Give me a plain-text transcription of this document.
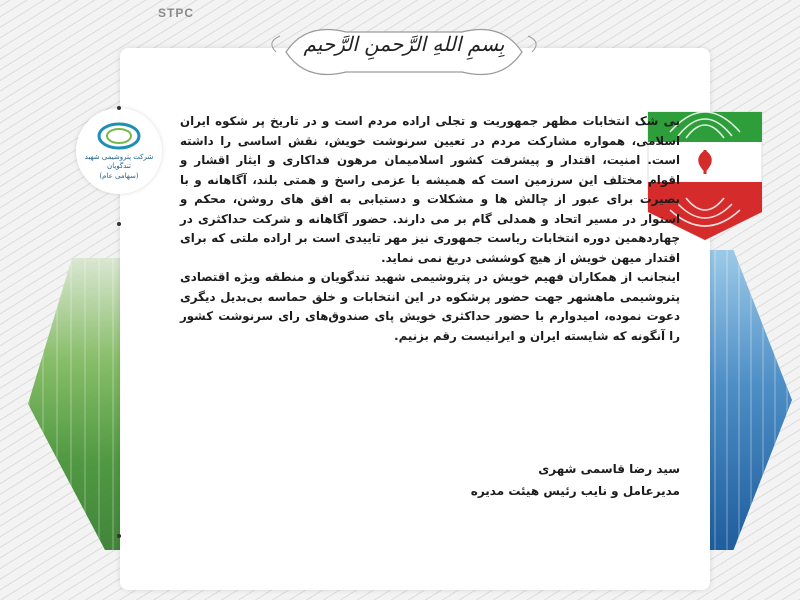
STPC
بِسمِ اللهِ الرَّحمنِ الرَّحیم
شرکت پتروشیمی شهید تندگویان
(سهامی عام)

بی شک انتخابات مظهر جمهوریت و تجلی اراده مردم است و در تاریخ پر شکوه ایران اسلامی، همواره مشارکت مردم در تعیین سرنوشت خویش، نقش اساسی را داشته است. امنیت، اقتدار و پیشرفت کشور اسلامیمان مرهون فداکاری و ایثار اقشار و اقوام مختلف این سرزمین است که همیشه با عزمی راسخ و همتی بلند، آگاهانه و با بصیرت برای عبور از چالش ها و مشکلات و دستیابی به افق های روشن، محکم و استوار در مسیر اتحاد و همدلی گام بر می دارند. حضور آگاهانه و شرکت حداکثری در چهاردهمین دوره انتخابات ریاست جمهوری نیز مهر تاییدی است بر اراده ملتی که برای اقتدار میهن خویش از هیچ کوششی دریغ نمی نماید.

اینجانب از همکاران فهیم خویش در پتروشیمی شهید تندگویان و منطقه ویژه اقتصادی پتروشیمی ماهشهر جهت حضور پرشکوه در این انتخابات و خلق حماسه بی‌بدیل دیگری دعوت نموده، امیدوارم با حضور حداکثری خویش پای صندوق‌های رای سرنوشت کشور را آنگونه که شایسته ایران و ایرانیست رقم بزنیم.

سید رضا قاسمی شهری
مدیرعامل و نایب رئیس هیئت مدیره
